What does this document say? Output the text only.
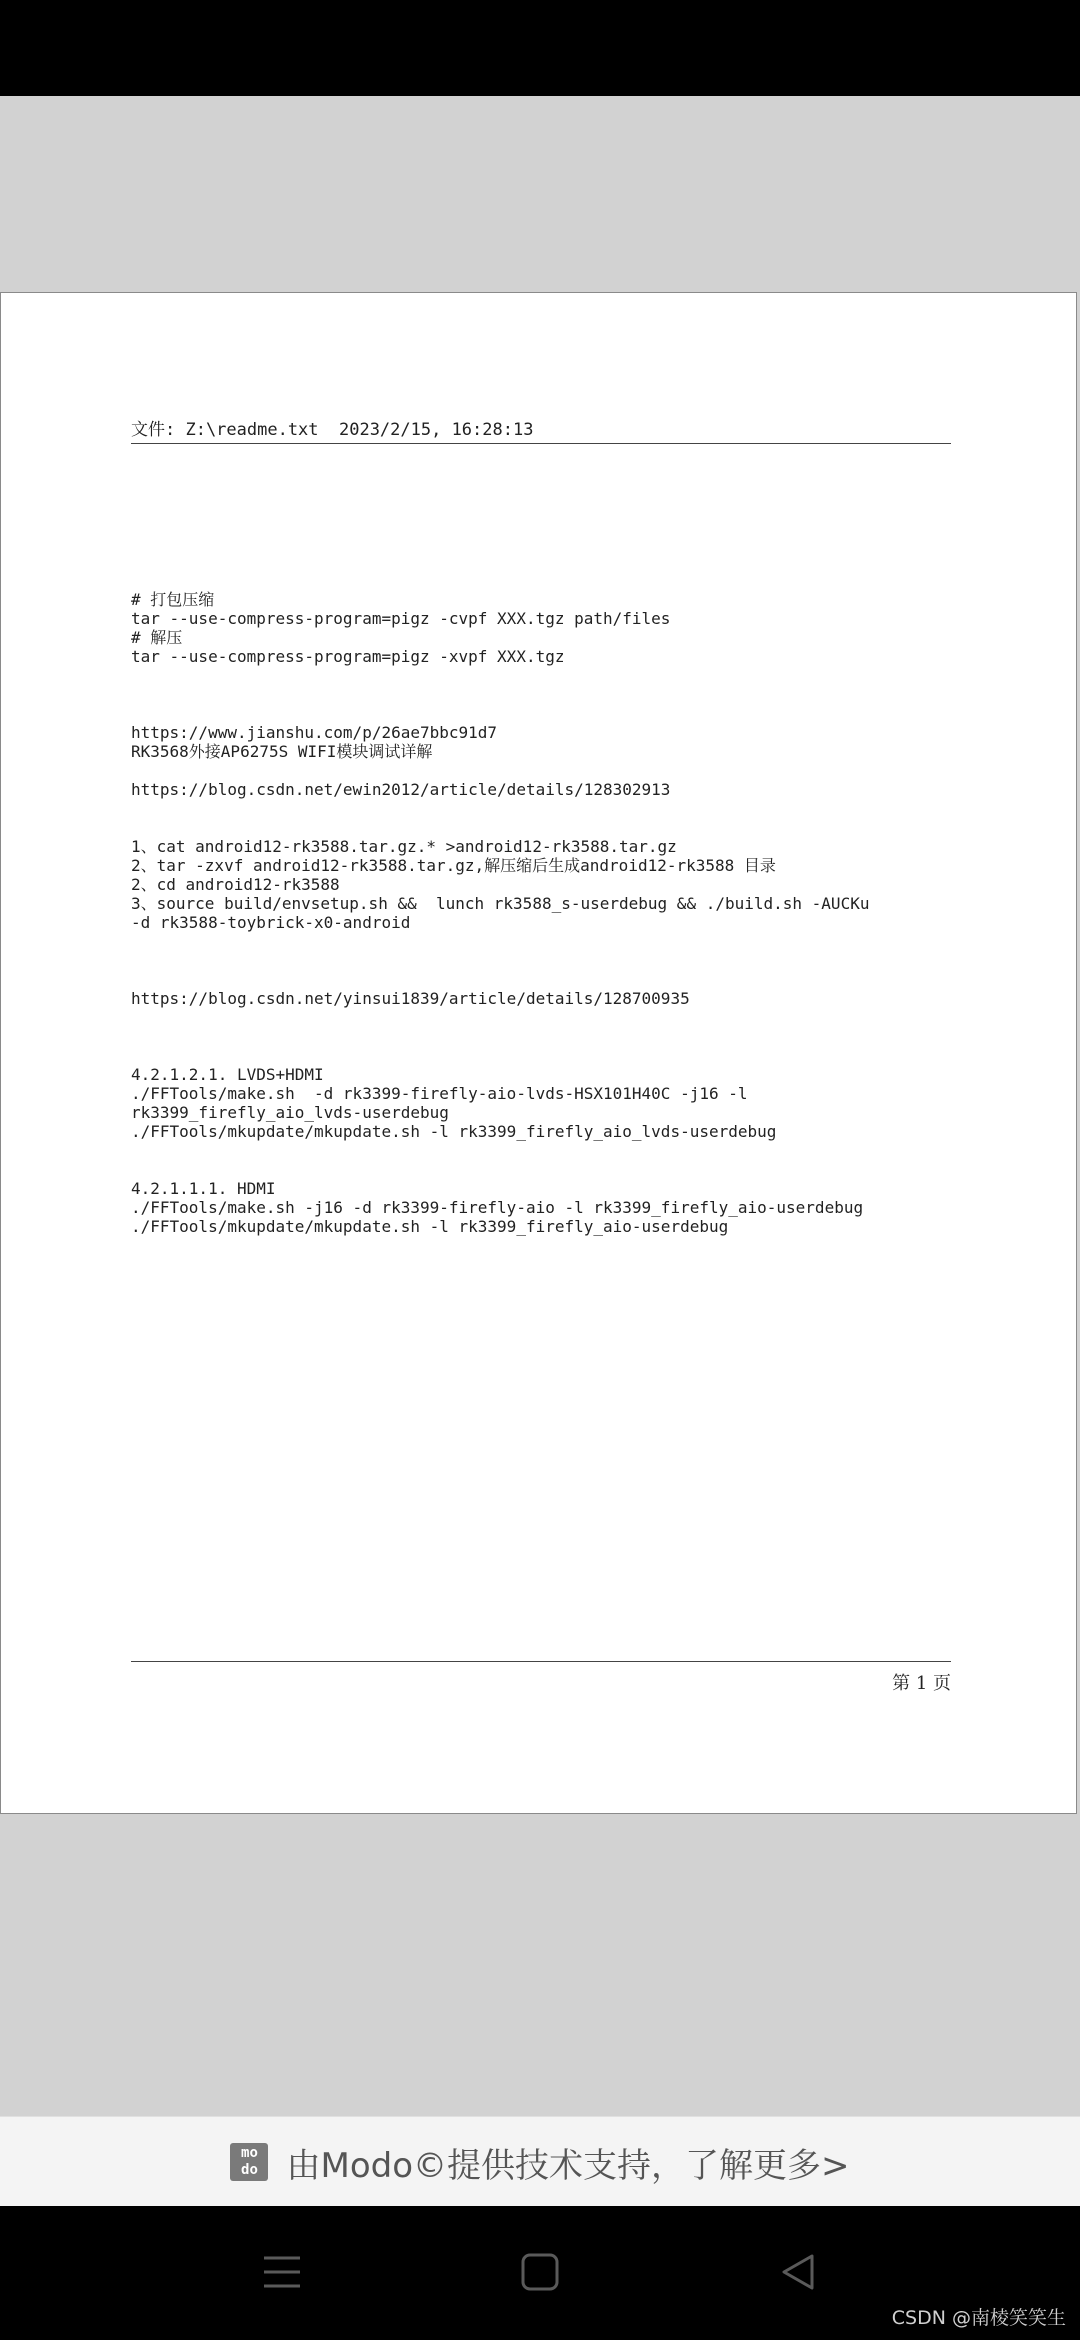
文件: Z:\readme.txt  2023/2/15, 16:28:13
# 打包压缩
tar --use-compress-program=pigz -cvpf XXX.tgz path/files
# 解压
tar --use-compress-program=pigz -xvpf XXX.tgz
https://www.jianshu.com/p/26ae7bbc91d7
RK3568外接AP6275S WIFI模块调试详解
https://blog.csdn.net/ewin2012/article/details/128302913
1、cat android12-rk3588.tar.gz.* >android12-rk3588.tar.gz
2、tar -zxvf android12-rk3588.tar.gz,解压缩后生成android12-rk3588 目录
2、cd android12-rk3588
3、source build/envsetup.sh &&  lunch rk3588_s-userdebug && ./build.sh -AUCKu
-d rk3588-toybrick-x0-android
https://blog.csdn.net/yinsui1839/article/details/128700935
4.2.1.2.1. LVDS+HDMI
./FFTools/make.sh  -d rk3399-firefly-aio-lvds-HSX101H40C -j16 -l
rk3399_firefly_aio_lvds-userdebug
./FFTools/mkupdate/mkupdate.sh -l rk3399_firefly_aio_lvds-userdebug
4.2.1.1.1. HDMI
./FFTools/make.sh -j16 -d rk3399-firefly-aio -l rk3399_firefly_aio-userdebug
./FFTools/mkupdate/mkupdate.sh -l rk3399_firefly_aio-userdebug
第 1 页
mo
do 由Modo©提供技术支持，了解更多>
CSDN @南棱笑笑生
